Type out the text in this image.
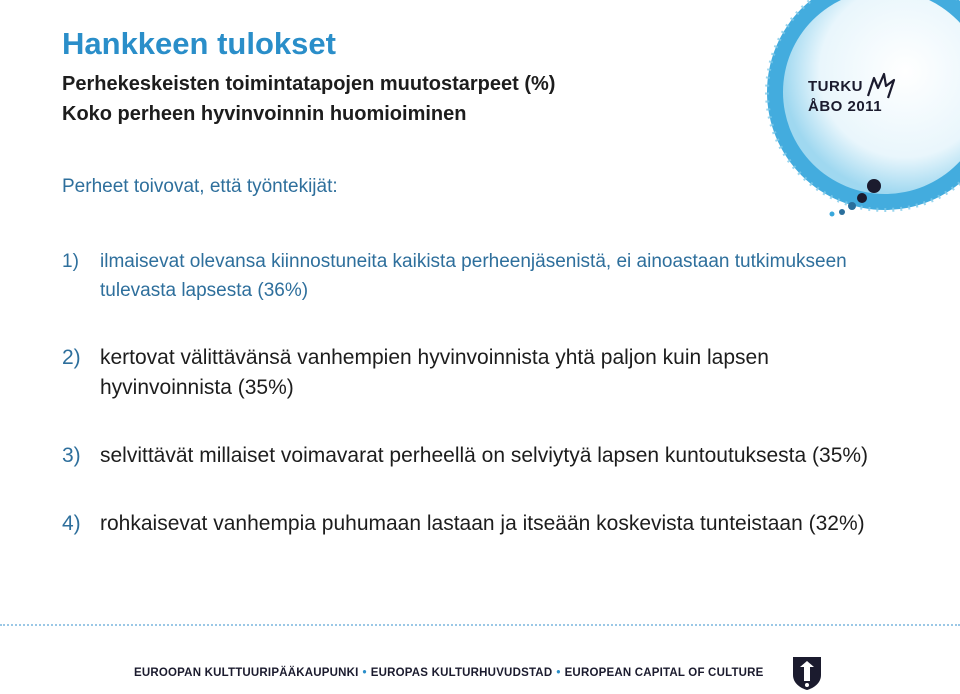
TURKU
ÅBO 2011
Hankkeen tulokset
Perhekeskeisten toimintatapojen muutostarpeet (%)
Koko perheen hyvinvoinnin huomioiminen
Perheet toivovat, että työntekijät:
1)	ilmaisevat olevansa kiinnostuneita kaikista perheenjäsenistä, ei ainoastaan tutkimukseen tulevasta lapsesta (36%)
2) kertovat välittävänsä vanhempien hyvinvoinnista yhtä paljon kuin lapsen hyvinvoinnista (35%)
3) selvittävät millaiset voimavarat perheellä on selviytyä lapsen kuntoutuksesta (35%)
4) rohkaisevat vanhempia puhumaan lastaan ja itseään koskevista tunteistaan (32%)
EUROOPAN KULTTUURIPÄÄKAUPUNKI • EUROPAS KULTURHUVUDSTAD • EUROPEAN CAPITAL OF CULTURE
